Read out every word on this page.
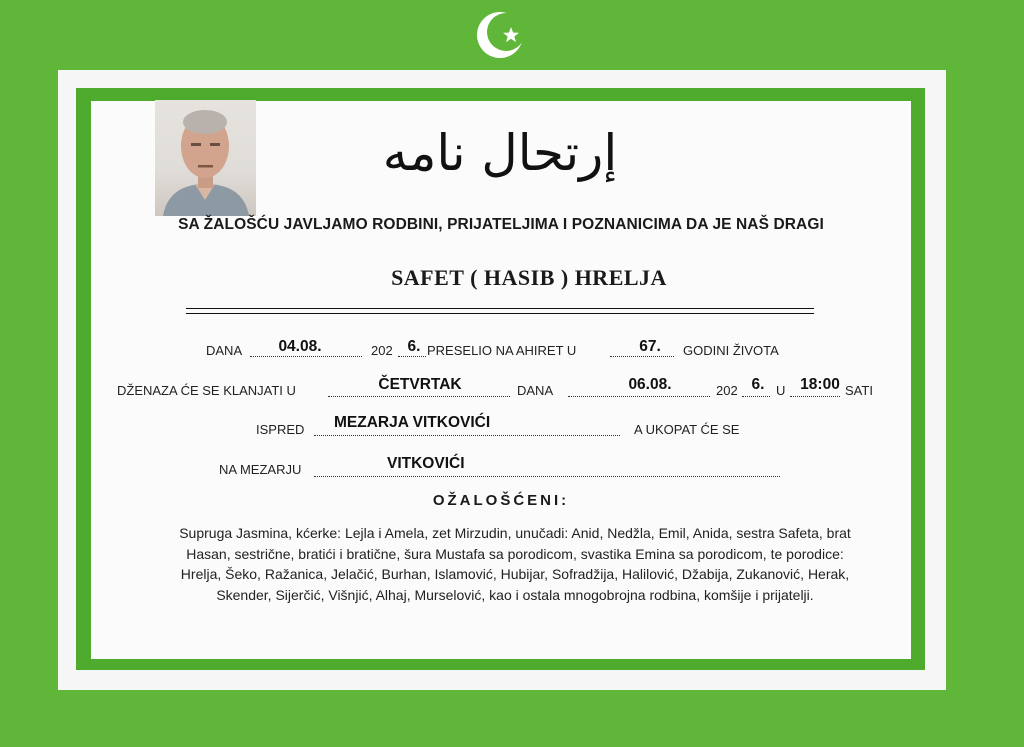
إرتحال نامه
SA ŽALOŠĆU JAVLJAMO RODBINI, PRIJATELJIMA I POZNANICIMA DA JE NAŠ DRAGI
SAFET ( HASIB ) HRELJA
DANA	04.08.	202 6. PRESELIO NA AHIRET U	67.	GODINI ŽIVOTA
DŽENAZA ĆE SE KLANJATI U	ČETVRTAK	DANA	06.08.	202 6. U 18:00 SATI
ISPRED MEZARJA VITKOVIĆI	A UKOPAT ĆE SE
NA MEZARJU	VITKOVIĆI
OŽALOŠĆENI:
Supruga Jasmina, kćerke: Lejla i Amela, zet Mirzudin, unučadi: Anid, Nedžla, Emil, Anida, sestra Safeta, brat
Hasan, sestrične, bratići i bratične, šura Mustafa sa porodicom, svastika Emina sa porodicom, te porodice:
Hrelja, Šeko, Ražanica, Jelačić, Burhan, Islamović, Hubijar, Sofradžija, Halilović, Džabija, Zukanović, Herak,
Skender, Sijerčić, Višnjić, Alhaj, Murselović, kao i ostala mnogobrojna rodbina, komšije i prijatelji.
